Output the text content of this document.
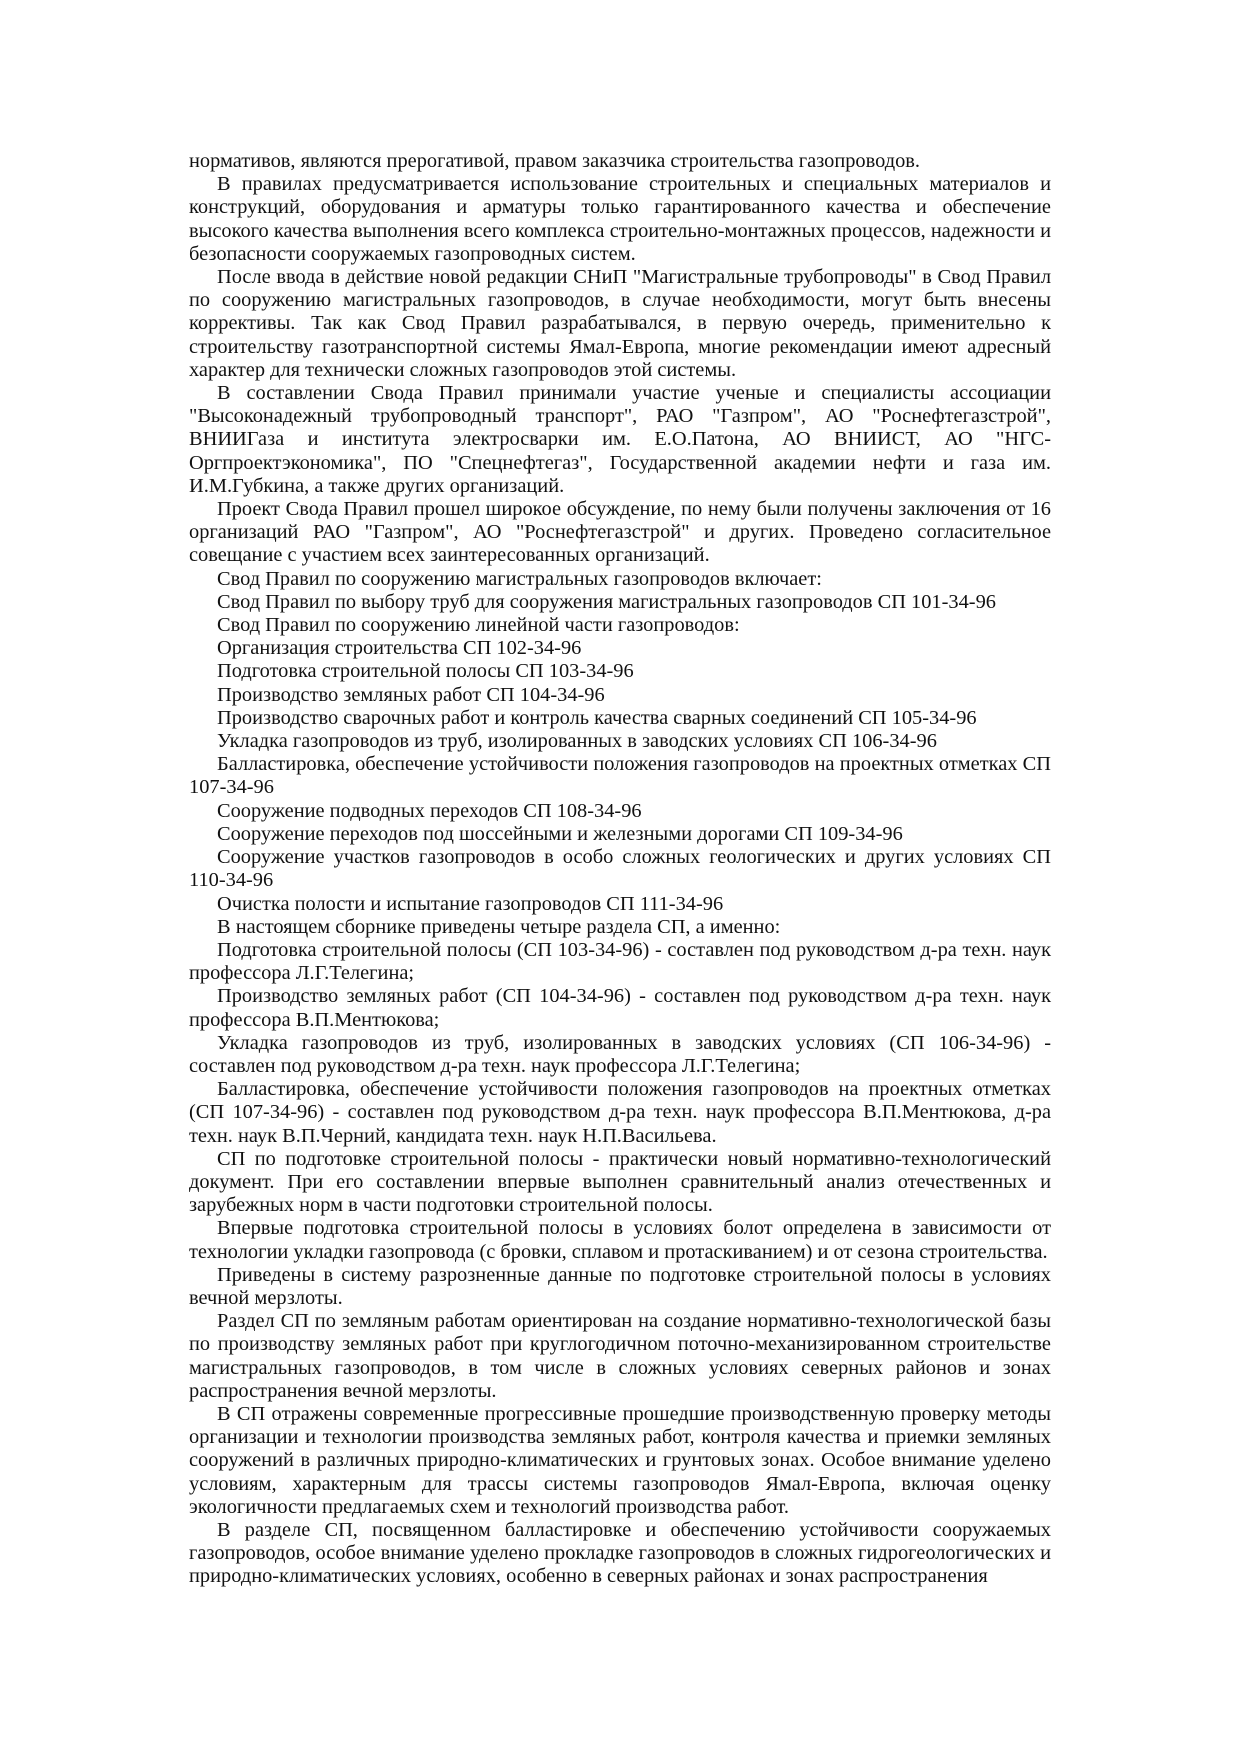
нормативов, являются прерогативой, правом заказчика строительства газопроводов.

В правилах предусматривается использование строительных и специальных материалов и конструкций, оборудования и арматуры только гарантированного качества и обеспечение высокого качества выполнения всего комплекса строительно-монтажных процессов, надежности и безопасности сооружаемых газопроводных систем.

После ввода в действие новой редакции СНиП "Магистральные трубопроводы" в Свод Правил по сооружению магистральных газопроводов, в случае необходимости, могут быть внесены коррективы. Так как Свод Правил разрабатывался, в первую очередь, применительно к строительству газотранспортной системы Ямал-Европа, многие рекомендации имеют адресный характер для технически сложных газопроводов этой системы.

В составлении Свода Правил принимали участие ученые и специалисты ассоциации "Высоконадежный трубопроводный транспорт", РАО "Газпром", АО "Роснефтегазстрой", ВНИИГаза и института электросварки им. Е.О.Патона, АО ВНИИСТ, АО "НГС-Оргпроектэкономика", ПО "Спецнефтегаз", Государственной академии нефти и газа им. И.М.Губкина, а также других организаций.

Проект Свода Правил прошел широкое обсуждение, по нему были получены заключения от 16 организаций РАО "Газпром", АО "Роснефтегазстрой" и других. Проведено согласительное совещание с участием всех заинтересованных организаций.

Свод Правил по сооружению магистральных газопроводов включает:

Свод Правил по выбору труб для сооружения магистральных газопроводов СП 101-34-96

Свод Правил по сооружению линейной части газопроводов:

Организация строительства СП 102-34-96

Подготовка строительной полосы СП 103-34-96

Производство земляных работ СП 104-34-96

Производство сварочных работ и контроль качества сварных соединений СП 105-34-96

Укладка газопроводов из труб, изолированных в заводских условиях СП 106-34-96

Балластировка, обеспечение устойчивости положения газопроводов на проектных отметках СП 107-34-96

Сооружение подводных переходов СП 108-34-96

Сооружение переходов под шоссейными и железными дорогами СП 109-34-96

Сооружение участков газопроводов в особо сложных геологических и других условиях СП 110-34-96

Очистка полости и испытание газопроводов СП 111-34-96

В настоящем сборнике приведены четыре раздела СП, а именно:

Подготовка строительной полосы (СП 103-34-96) - составлен под руководством д-ра техн. наук профессора Л.Г.Телегина;

Производство земляных работ (СП 104-34-96) - составлен под руководством д-ра техн. наук профессора В.П.Ментюкова;

Укладка газопроводов из труб, изолированных в заводских условиях (СП 106-34-96) - составлен под руководством д-ра техн. наук профессора Л.Г.Телегина;

Балластировка, обеспечение устойчивости положения газопроводов на проектных отметках (СП 107-34-96) - составлен под руководством д-ра техн. наук профессора В.П.Ментюкова, д-ра техн. наук В.П.Черний, кандидата техн. наук Н.П.Васильева.

СП по подготовке строительной полосы - практически новый нормативно-технологический документ. При его составлении впервые выполнен сравнительный анализ отечественных и зарубежных норм в части подготовки строительной полосы.

Впервые подготовка строительной полосы в условиях болот определена в зависимости от технологии укладки газопровода (с бровки, сплавом и протаскиванием) и от сезона строительства.

Приведены в систему разрозненные данные по подготовке строительной полосы в условиях вечной мерзлоты.

Раздел СП по земляным работам ориентирован на создание нормативно-технологической базы по производству земляных работ при круглогодичном поточно-механизированном строительстве магистральных газопроводов, в том числе в сложных условиях северных районов и зонах распространения вечной мерзлоты.

В СП отражены современные прогрессивные прошедшие производственную проверку методы организации и технологии производства земляных работ, контроля качества и приемки земляных сооружений в различных природно-климатических и грунтовых зонах. Особое внимание уделено условиям, характерным для трассы системы газопроводов Ямал-Европа, включая оценку экологичности предлагаемых схем и технологий производства работ.

В разделе СП, посвященном балластировке и обеспечению устойчивости сооружаемых газопроводов, особое внимание уделено прокладке газопроводов в сложных гидрогеологических и природно-климатических условиях, особенно в северных районах и зонах распространения
